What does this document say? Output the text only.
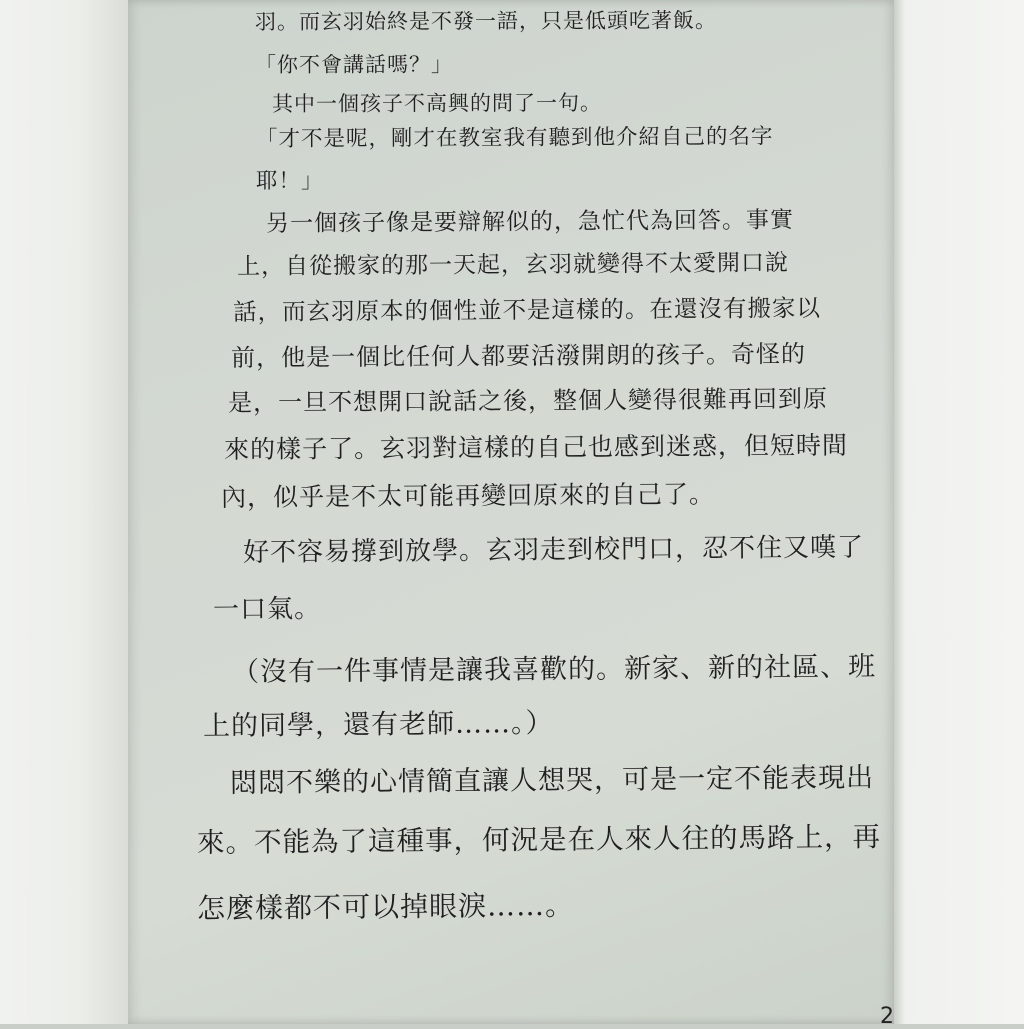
羽。而玄羽始終是不發一語，只是低頭吃著飯。
「你不會講話嗎？」
其中一個孩子不高興的問了一句。
「才不是呢，剛才在教室我有聽到他介紹自己的名字
耶！」
另一個孩子像是要辯解似的，急忙代為回答。事實
上，自從搬家的那一天起，玄羽就變得不太愛開口說
話，而玄羽原本的個性並不是這樣的。在還沒有搬家以
前，他是一個比任何人都要活潑開朗的孩子。奇怪的
是，一旦不想開口說話之後，整個人變得很難再回到原
來的樣子了。玄羽對這樣的自己也感到迷惑，但短時間
內，似乎是不太可能再變回原來的自己了。
好不容易撐到放學。玄羽走到校門口，忍不住又嘆了
一口氣。
（沒有一件事情是讓我喜歡的。新家、新的社區、班
上的同學，還有老師……。）
悶悶不樂的心情簡直讓人想哭，可是一定不能表現出
來。不能為了這種事，何況是在人來人往的馬路上，再
怎麼樣都不可以掉眼淚……。
2
